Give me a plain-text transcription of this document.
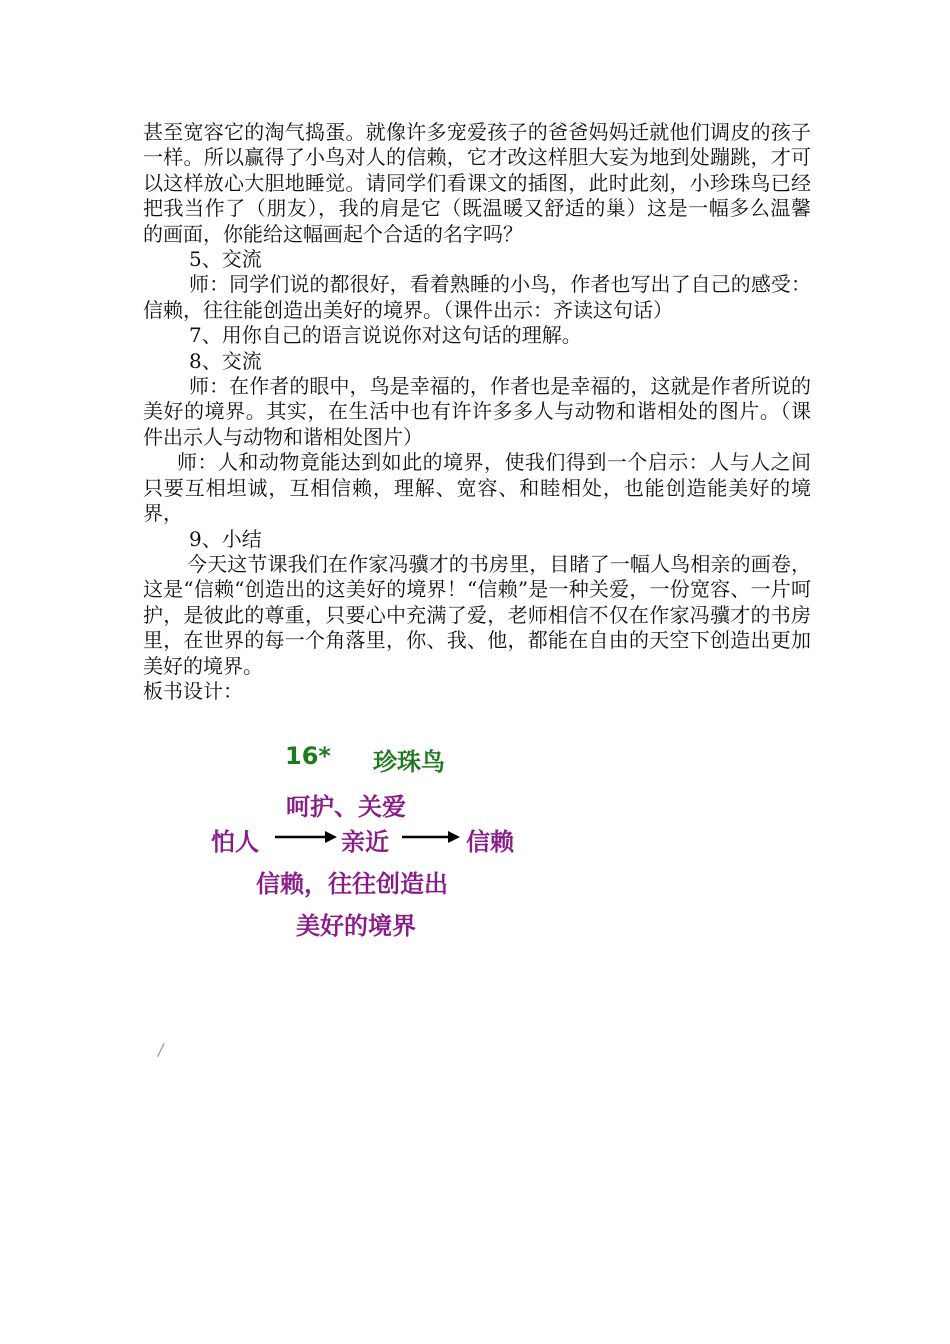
甚至宽容它的淘气捣蛋。就像许多宠爱孩子的爸爸妈妈迁就他们调皮的孩子一样。所以赢得了小鸟对人的信赖，它才改这样胆大妄为地到处蹦跳，才可以这样放心大胆地睡觉。请同学们看课文的插图，此时此刻，小珍珠鸟已经把我当作了（朋友），我的肩是它（既温暖又舒适的巢）这是一幅多么温馨的画面，你能给这幅画起个合适的名字吗？

5、交流

师：同学们说的都很好，看着熟睡的小鸟，作者也写出了自己的感受：信赖，往往能创造出美好的境界。（课件出示：齐读这句话）

7、用你自己的语言说说你对这句话的理解。

8、交流

师：在作者的眼中，鸟是幸福的，作者也是幸福的，这就是作者所说的美好的境界。其实，在生活中也有许许多多人与动物和谐相处的图片。（课件出示人与动物和谐相处图片）

师：人和动物竟能达到如此的境界，使我们得到一个启示：人与人之间只要互相坦诚，互相信赖，理解、宽容、和睦相处，也能创造能美好的境界，

9、小结

今天这节课我们在作家冯骥才的书房里，目睹了一幅人鸟相亲的画卷，这是“信赖“创造出的这美好的境界！“信赖”是一种关爱，一份宽容、一片呵护，是彼此的尊重，只要心中充满了爱，老师相信不仅在作家冯骥才的书房里，在世界的每一个角落里，你、我、他，都能在自由的天空下创造出更加美好的境界。

板书设计：

16* 珍珠鸟
呵护、关爱
怕人	亲近	信赖
信赖，往往创造出
美好的境界
/
